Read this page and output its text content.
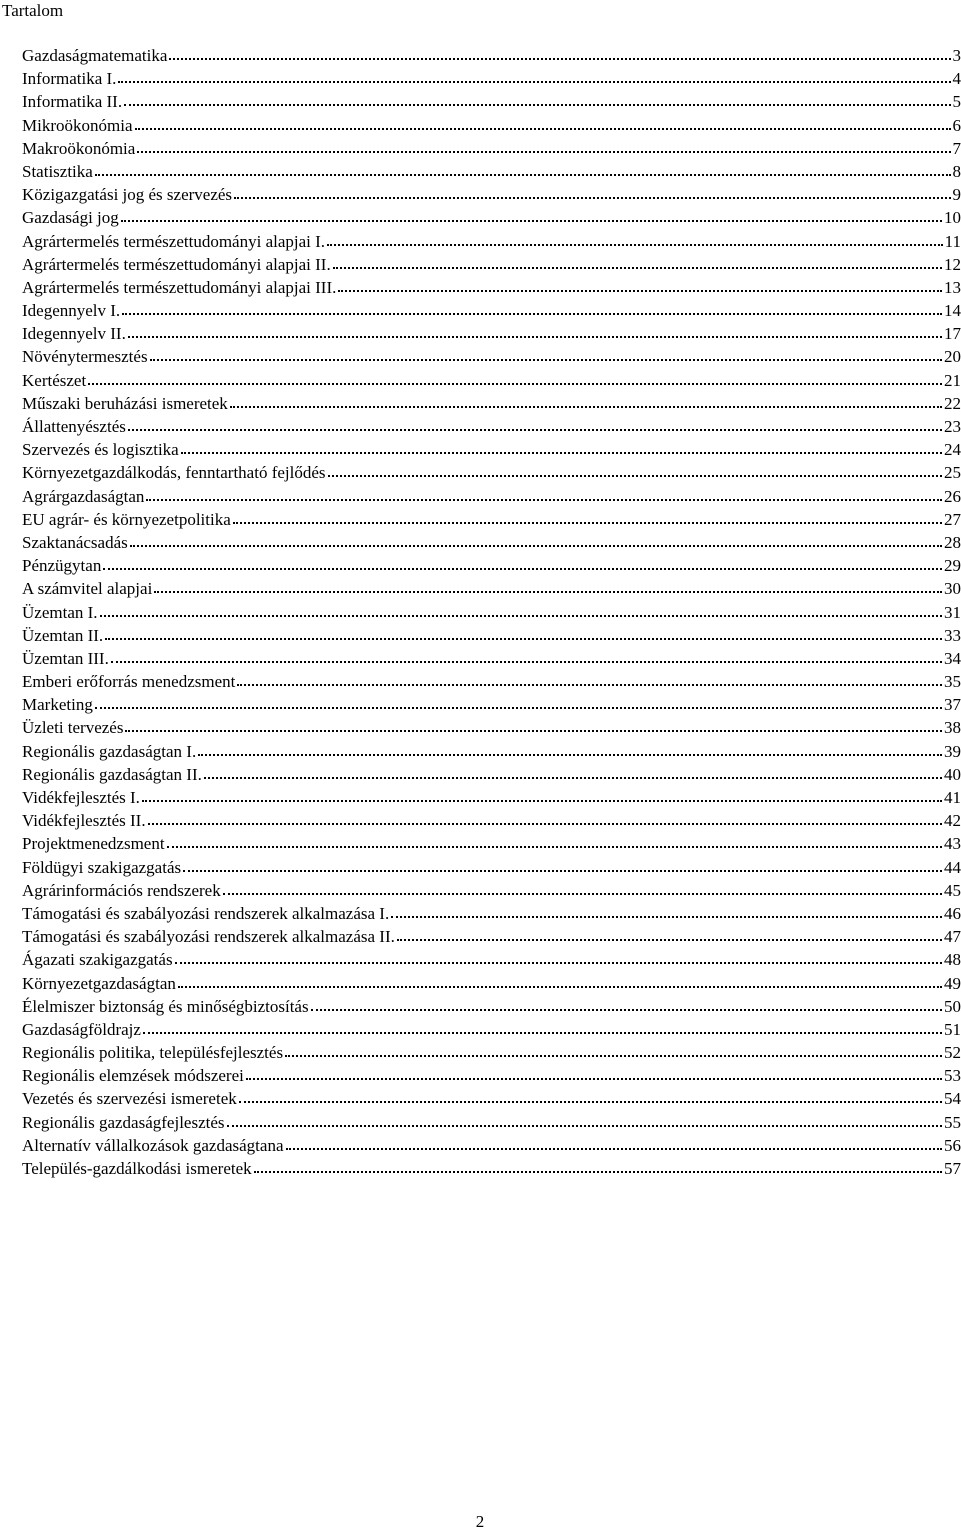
Tartalom
Gazdaságmatematika	3
Informatika I.	4
Informatika II.	5
Mikroökonómia	6
Makroökonómia	7
Statisztika	8
Közigazgatási jog és szervezés	9
Gazdasági jog	10
Agrártermelés természettudományi alapjai I.	11
Agrártermelés természettudományi alapjai II.	12
Agrártermelés természettudományi alapjai III.	13
Idegennyelv I.	14
Idegennyelv II.	17
Növénytermesztés	20
Kertészet	21
Műszaki beruházási ismeretek	22
Állattenyésztés	23
Szervezés és logisztika	24
Környezetgazdálkodás, fenntartható fejlődés	25
Agrárgazdaságtan	26
EU agrár- és környezetpolitika	27
Szaktanácsadás	28
Pénzügytan	29
A számvitel alapjai	30
Üzemtan I.	31
Üzemtan II.	33
Üzemtan III.	34
Emberi erőforrás menedzsment	35
Marketing	37
Üzleti tervezés	38
Regionális gazdaságtan I.	39
Regionális gazdaságtan II.	40
Vidékfejlesztés I.	41
Vidékfejlesztés II.	42
Projektmenedzsment	43
Földügyi szakigazgatás	44
Agrárinformációs rendszerek	45
Támogatási és szabályozási rendszerek alkalmazása I.	46
Támogatási és szabályozási rendszerek alkalmazása II.	47
Ágazati szakigazgatás	48
Környezetgazdaságtan	49
Élelmiszer biztonság és minőségbiztosítás	50
Gazdaságföldrajz	51
Regionális politika, településfejlesztés	52
Regionális elemzések módszerei	53
Vezetés és szervezési ismeretek	54
Regionális gazdaságfejlesztés	55
Alternatív vállalkozások gazdaságtana	56
Település-gazdálkodási ismeretek	57
2
